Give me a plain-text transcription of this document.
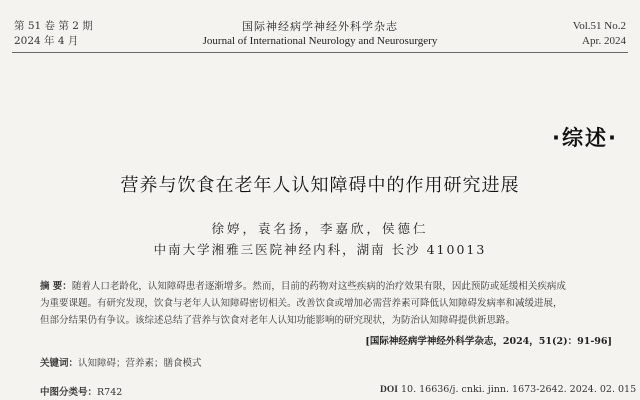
第 51 卷 第 2 期
2024 年 4 月
国际神经病学神经外科学杂志
Journal of International Neurology and Neurosurgery
Vol.51 No.2
Apr. 2024
·综述·
营养与饮食在老年人认知障碍中的作用研究进展
徐婷，袁名扬，李嘉欣，侯德仁
中南大学湘雅三医院神经内科，湖南 长沙 410013
摘 要：随着人口老龄化，认知障碍患者逐渐增多。然而，目前的药物对这些疾病的治疗效果有限，因此预防或延缓相关疾病成
为重要课题。有研究发现，饮食与老年人认知障碍密切相关。改善饮食或增加必需营养素可降低认知障碍发病率和减缓进展，
但部分结果仍有争议。该综述总结了营养与饮食对老年人认知功能影响的研究现状，为防治认知障碍提供新思路。
[国际神经病学神经外科学杂志，2024，51(2)：91-96]
关键词：认知障碍；营养素；膳食模式
中图分类号：R742	DOI 10. 16636/j. cnki. jinn. 1673-2642. 2024. 02. 015
